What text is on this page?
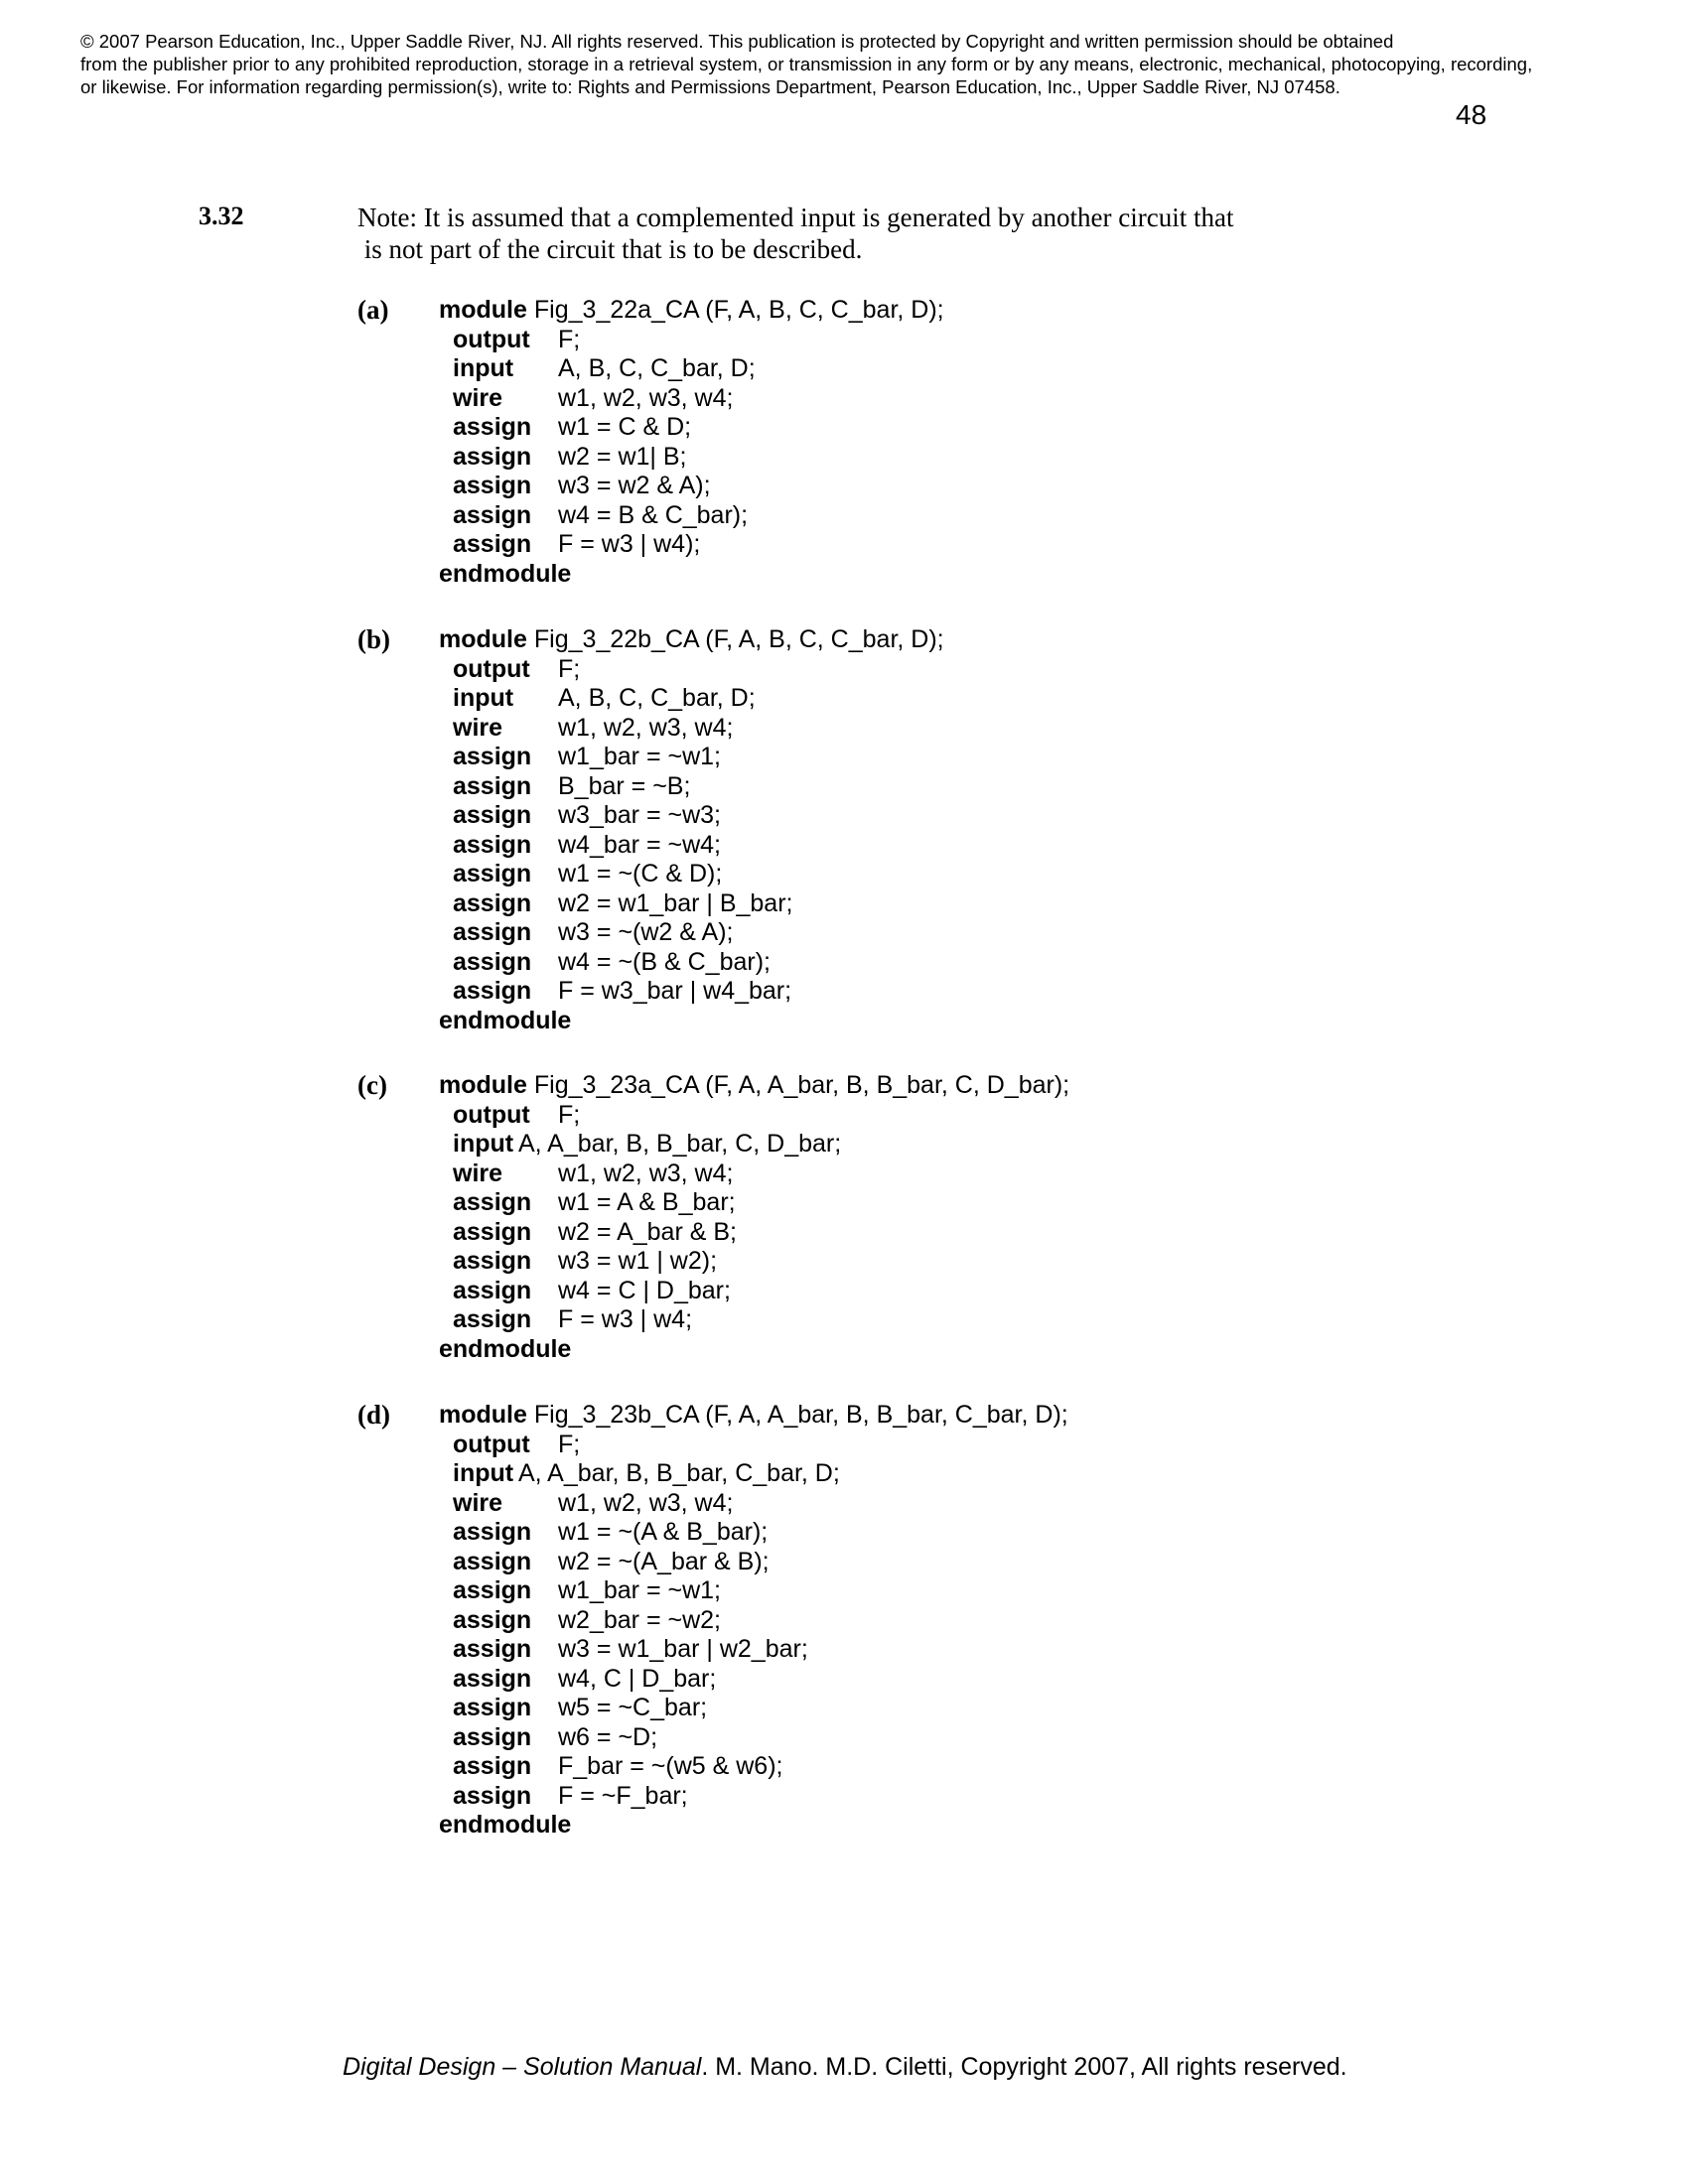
© 2007 Pearson Education, Inc., Upper Saddle River, NJ. All rights reserved. This publication is protected by Copyright and written permission should be obtained
from the publisher prior to any prohibited reproduction, storage in a retrieval system, or transmission in any form or by any means, electronic, mechanical, photocopying, recording,
or likewise. For information regarding permission(s), write to: Rights and Permissions Department, Pearson Education, Inc., Upper Saddle River, NJ 07458.
48
3.32	Note: It is assumed that a complemented input is generated by another circuit that
is not part of the circuit that is to be described.
(a) module Fig_3_22a_CA (F, A, B, C, C_bar, D);
output F;
input A, B, C, C_bar, D;
wire w1, w2, w3, w4;
assign w1 = C & D;
assign w2 = w1| B;
assign w3 = w2 & A);
assign w4 = B & C_bar);
assign F = w3 | w4);
endmodule
(b) module Fig_3_22b_CA (F, A, B, C, C_bar, D);
output F;
input A, B, C, C_bar, D;
wire w1, w2, w3, w4;
assign w1_bar = ~w1;
assign B_bar = ~B;
assign w3_bar = ~w3;
assign w4_bar = ~w4;
assign w1 = ~(C & D);
assign w2 = w1_bar | B_bar;
assign w3 = ~(w2 & A);
assign w4 = ~(B & C_bar);
assign F = w3_bar | w4_bar;
endmodule
(c) module Fig_3_23a_CA (F, A, A_bar, B, B_bar, C, D_bar);
output F;
input A, A_bar, B, B_bar, C, D_bar;
wire w1, w2, w3, w4;
assign w1 = A & B_bar;
assign w2 = A_bar & B;
assign w3 = w1 | w2);
assign w4 = C | D_bar;
assign F = w3 | w4;
endmodule
(d) module Fig_3_23b_CA (F, A, A_bar, B, B_bar, C_bar, D);
output F;
input A, A_bar, B, B_bar, C_bar, D;
wire w1, w2, w3, w4;
assign w1 = ~(A & B_bar);
assign w2 = ~(A_bar & B);
assign w1_bar = ~w1;
assign w2_bar = ~w2;
assign w3 = w1_bar | w2_bar;
assign w4, C | D_bar;
assign w5 = ~C_bar;
assign w6 = ~D;
assign F_bar = ~(w5 & w6);
assign F = ~F_bar;
endmodule
Digital Design – Solution Manual. M. Mano. M.D. Ciletti, Copyright 2007, All rights reserved.
